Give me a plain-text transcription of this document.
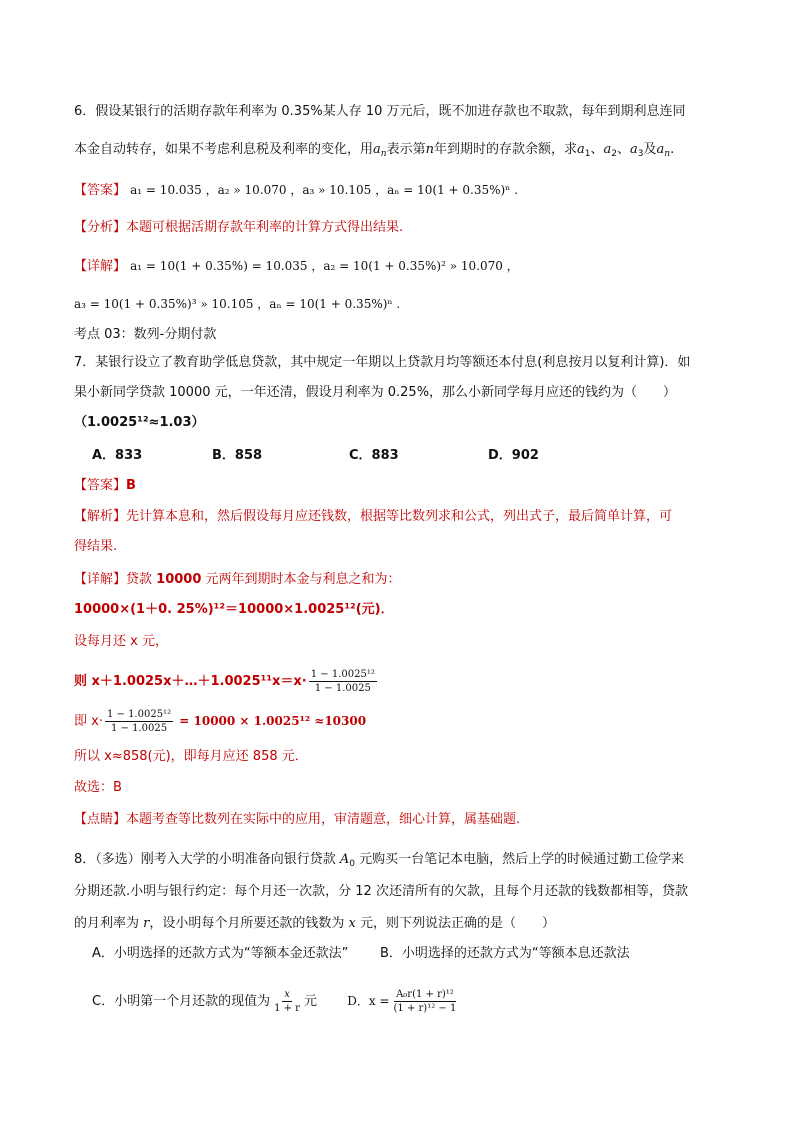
6．假设某银行的活期存款年利率为 0.35%某人存 10 万元后，既不加进存款也不取款，每年到期利息连同
本金自动转存，如果不考虑利息税及利率的变化，用$a_n$表示第n年到期时的存款余额，求$a_1$、$a_2$、$a_3$及$a_n$.
【答案】 a₁ = 10.035 ，a₂ » 10.070 ，a₃ » 10.105 ，aₙ = 10(1 + 0.35%)ⁿ .
【分析】本题可根据活期存款年利率的计算方式得出结果.
【详解】 a₁ = 10(1 + 0.35%) = 10.035 ，a₂ = 10(1 + 0.35%)² » 10.070 ，
a₃ = 10(1 + 0.35%)³ » 10.105 ，aₙ = 10(1 + 0.35%)ⁿ .
考点 03：数列-分期付款
7．某银行设立了教育助学低息贷款，其中规定一年期以上贷款月均等额还本付息(利息按月以复利计算)．如
果小新同学贷款 10000 元，一年还清，假设月利率为 0.25%，那么小新同学每月应还的钱约为（　　）
（1.0025¹²≈1.03）
A．833	B．858	C．883	D．902
【答案】B
【解析】先计算本息和，然后假设每月应还钱数，根据等比数列求和公式，列出式子，最后简单计算，可
得结果.
【详解】贷款 10000 元两年到期时本金与利息之和为：
10000×(1＋0. 25%)¹²＝10000×1.0025¹²(元)．
设每月还 x 元，
则 x＋1.0025x＋…＋1.0025¹¹x＝x· $\frac{\text{1 − 1.0025¹²}}{1 - 1.0025}$
即 $x\cdot \frac{\text{1 − 1.0025¹²}}{1 - 1.0025} = 10000 \times 1.0025^{12} \approx 10300$
所以 x≈858(元)，即每月应还 858 元．
故选：B
【点睛】本题考查等比数列在实际中的应用，审清题意，细心计算，属基础题.
8．（多选）刚考入大学的小明准备向银行贷款 $A_0$ 元购买一台笔记本电脑，然后上学的时候通过勤工俭学来
分期还款.小明与银行约定：每个月还一次款，分 12 次还清所有的欠款，且每个月还款的钱数都相等，贷款
的月利率为 r，设小明每个月所要还款的钱数为 x 元，则下列说法正确的是（　　）
A．小明选择的还款方式为“等额本金还款法” B．小明选择的还款方式为“等额本息还款法
C．小明第一个月还款的现值为 $\frac{x}{1 + r}$ 元	D．$x = \frac{\text{A₀r(1 + r)¹²}}{\text{(1 + r)¹² − 1}}$
